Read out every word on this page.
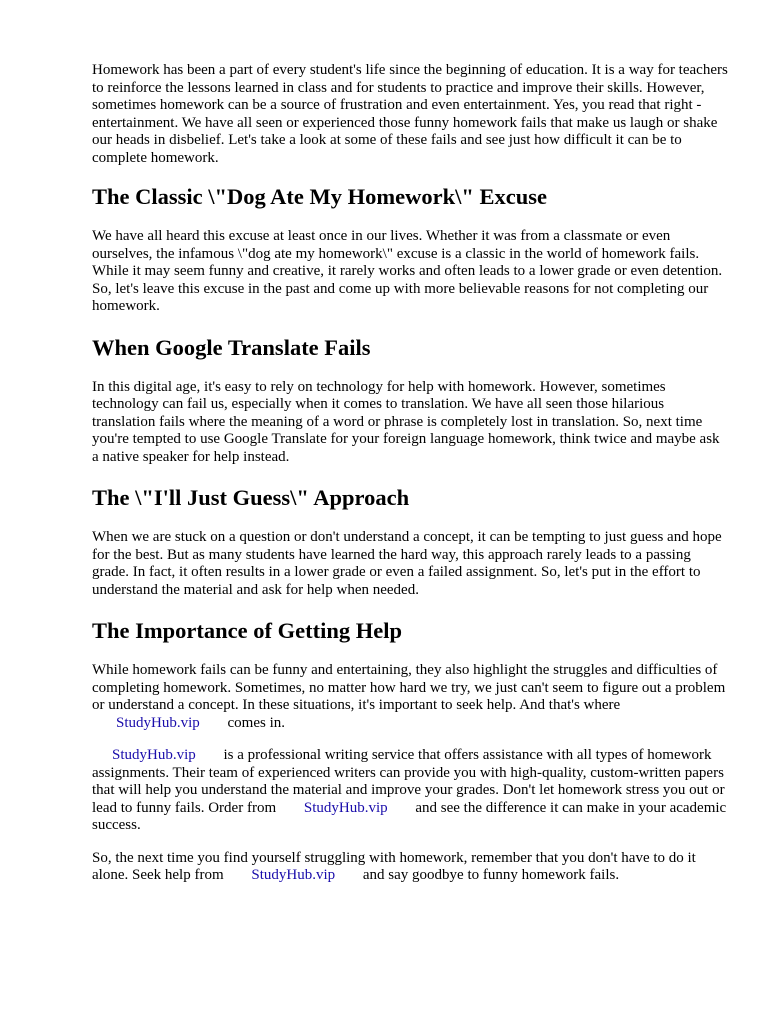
Homework has been a part of every student's life since the beginning of education. It is a way for teachers to reinforce the lessons learned in class and for students to practice and improve their skills. However, sometimes homework can be a source of frustration and even entertainment. Yes, you read that right - entertainment. We have all seen or experienced those funny homework fails that make us laugh or shake our heads in disbelief. Let's take a look at some of these fails and see just how difficult it can be to complete homework.

The Classic \"Dog Ate My Homework\" Excuse

We have all heard this excuse at least once in our lives. Whether it was from a classmate or even ourselves, the infamous \"dog ate my homework\" excuse is a classic in the world of homework fails. While it may seem funny and creative, it rarely works and often leads to a lower grade or even detention. So, let's leave this excuse in the past and come up with more believable reasons for not completing our homework.

When Google Translate Fails

In this digital age, it's easy to rely on technology for help with homework. However, sometimes technology can fail us, especially when it comes to translation. We have all seen those hilarious translation fails where the meaning of a word or phrase is completely lost in translation. So, next time you're tempted to use Google Translate for your foreign language homework, think twice and maybe ask a native speaker for help instead.

The \"I'll Just Guess\" Approach

When we are stuck on a question or don't understand a concept, it can be tempting to just guess and hope for the best. But as many students have learned the hard way, this approach rarely leads to a passing grade. In fact, it often results in a lower grade or even a failed assignment. So, let's put in the effort to understand the material and ask for help when needed.

The Importance of Getting Help

While homework fails can be funny and entertaining, they also highlight the struggles and difficulties of completing homework. Sometimes, no matter how hard we try, we just can't seem to figure out a problem or understand a concept. In these situations, it's important to seek help. And that's where StudyHub.vip comes in.

StudyHub.vip is a professional writing service that offers assistance with all types of homework assignments. Their team of experienced writers can provide you with high-quality, custom-written papers that will help you understand the material and improve your grades. Don't let homework stress you out or lead to funny fails. Order from StudyHub.vip and see the difference it can make in your academic success.

So, the next time you find yourself struggling with homework, remember that you don't have to do it alone. Seek help from StudyHub.vip and say goodbye to funny homework fails.
